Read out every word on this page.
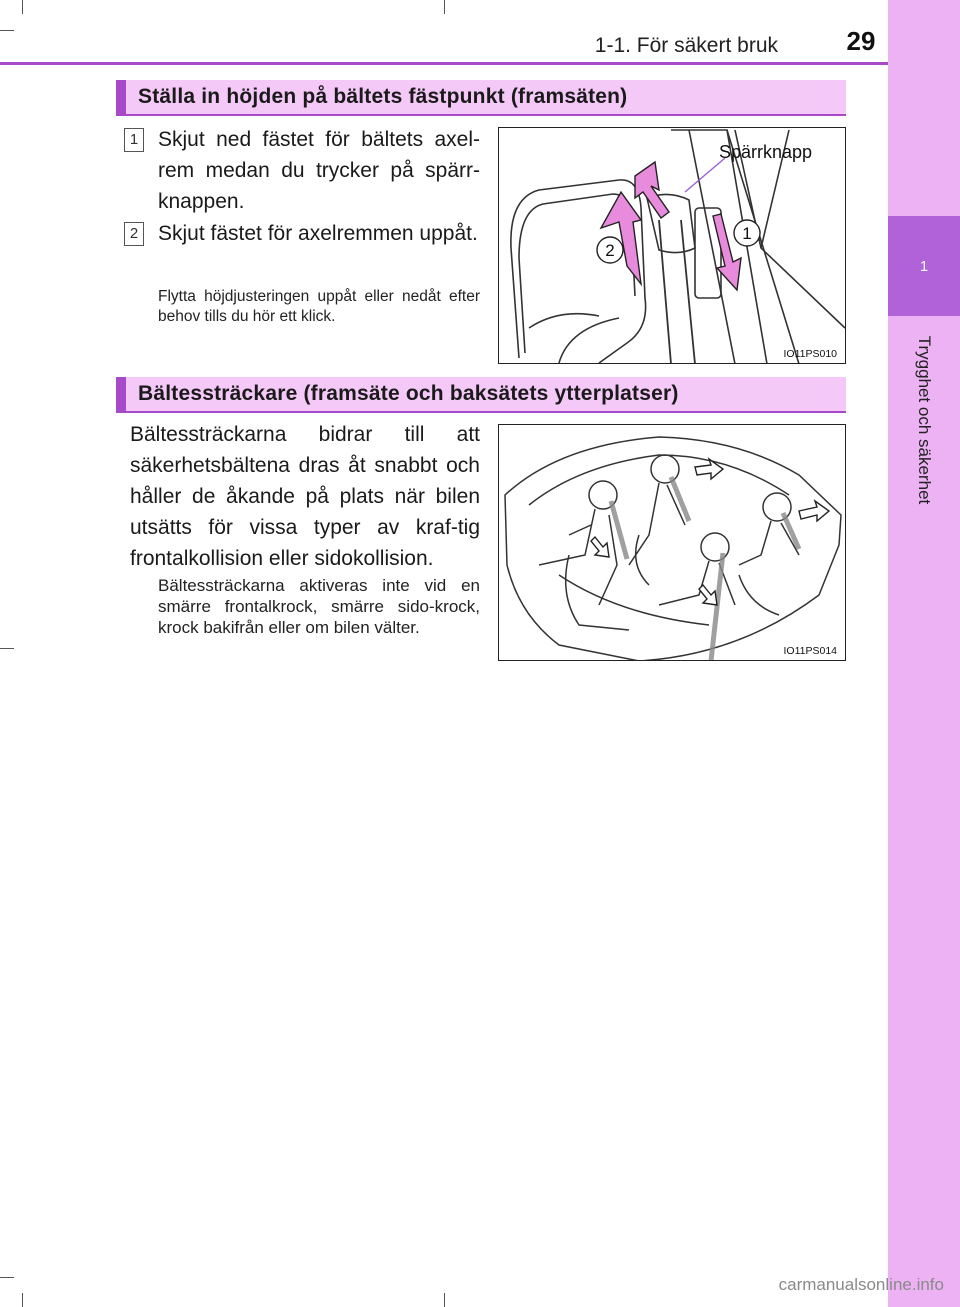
1
Trygghet och säkerhet
1-1. För säkert bruk	29
Ställa in höjden på bältets fästpunkt (framsäten)
1 Skjut ned fästet för bältets axel-rem medan du trycker på spärr-knappen.
2 Skjut fästet för axelremmen uppåt.
Flytta höjdjusteringen uppåt eller nedåt efter behov tills du hör ett klick.
1
2
Spärrknapp
IO11PS010
Bältessträckare (framsäte och baksätets ytterplatser)
Bältessträckarna bidrar till att säkerhetsbältena dras åt snabbt och håller de åkande på plats när bilen utsätts för vissa typer av kraf-tig frontalkollision eller sidokollision.
Bältessträckarna aktiveras inte vid en smärre frontalkrock, smärre sido-krock, krock bakifrån eller om bilen välter.
IO11PS014
carmanualsonline.info
